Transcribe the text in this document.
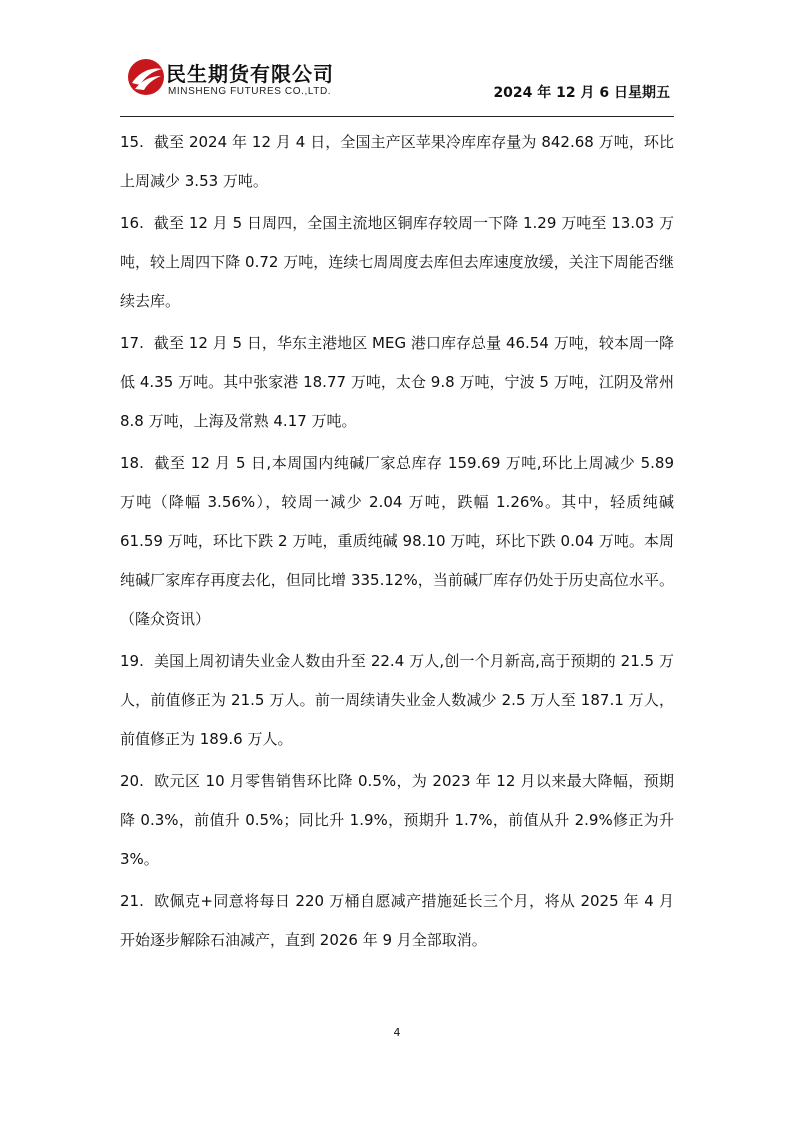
民生期货有限公司
MINSHENG FUTURES CO.,LTD.	2024 年 12 月 6 日星期五

15. 截至 2024 年 12 月 4 日，全国主产区苹果冷库库存量为 842.68 万吨，环比上周减少 3.53 万吨。

16. 截至 12 月 5 日周四，全国主流地区铜库存较周一下降 1.29 万吨至 13.03 万吨，较上周四下降 0.72 万吨，连续七周周度去库但去库速度放缓，关注下周能否继续去库。

17. 截至 12 月 5 日，华东主港地区 MEG 港口库存总量 46.54 万吨，较本周一降低 4.35 万吨。其中张家港 18.77 万吨，太仓 9.8 万吨，宁波 5 万吨，江阴及常州 8.8 万吨，上海及常熟 4.17 万吨。

18. 截至 12 月 5 日,本周国内纯碱厂家总库存 159.69 万吨,环比上周减少 5.89 万吨（降幅 3.56%），较周一减少 2.04 万吨，跌幅 1.26%。其中，轻质纯碱 61.59 万吨，环比下跌 2 万吨，重质纯碱 98.10 万吨，环比下跌 0.04 万吨。本周纯碱厂家库存再度去化，但同比增 335.12%，当前碱厂库存仍处于历史高位水平。（隆众资讯）

19. 美国上周初请失业金人数由升至 22.4 万人,创一个月新高,高于预期的 21.5 万人，前值修正为 21.5 万人。前一周续请失业金人数减少 2.5 万人至 187.1 万人，前值修正为 189.6 万人。

20. 欧元区 10 月零售销售环比降 0.5%，为 2023 年 12 月以来最大降幅，预期降 0.3%，前值升 0.5%；同比升 1.9%，预期升 1.7%，前值从升 2.9%修正为升 3%。

21. 欧佩克+同意将每日 220 万桶自愿减产措施延长三个月，将从 2025 年 4 月开始逐步解除石油减产，直到 2026 年 9 月全部取消。

4
